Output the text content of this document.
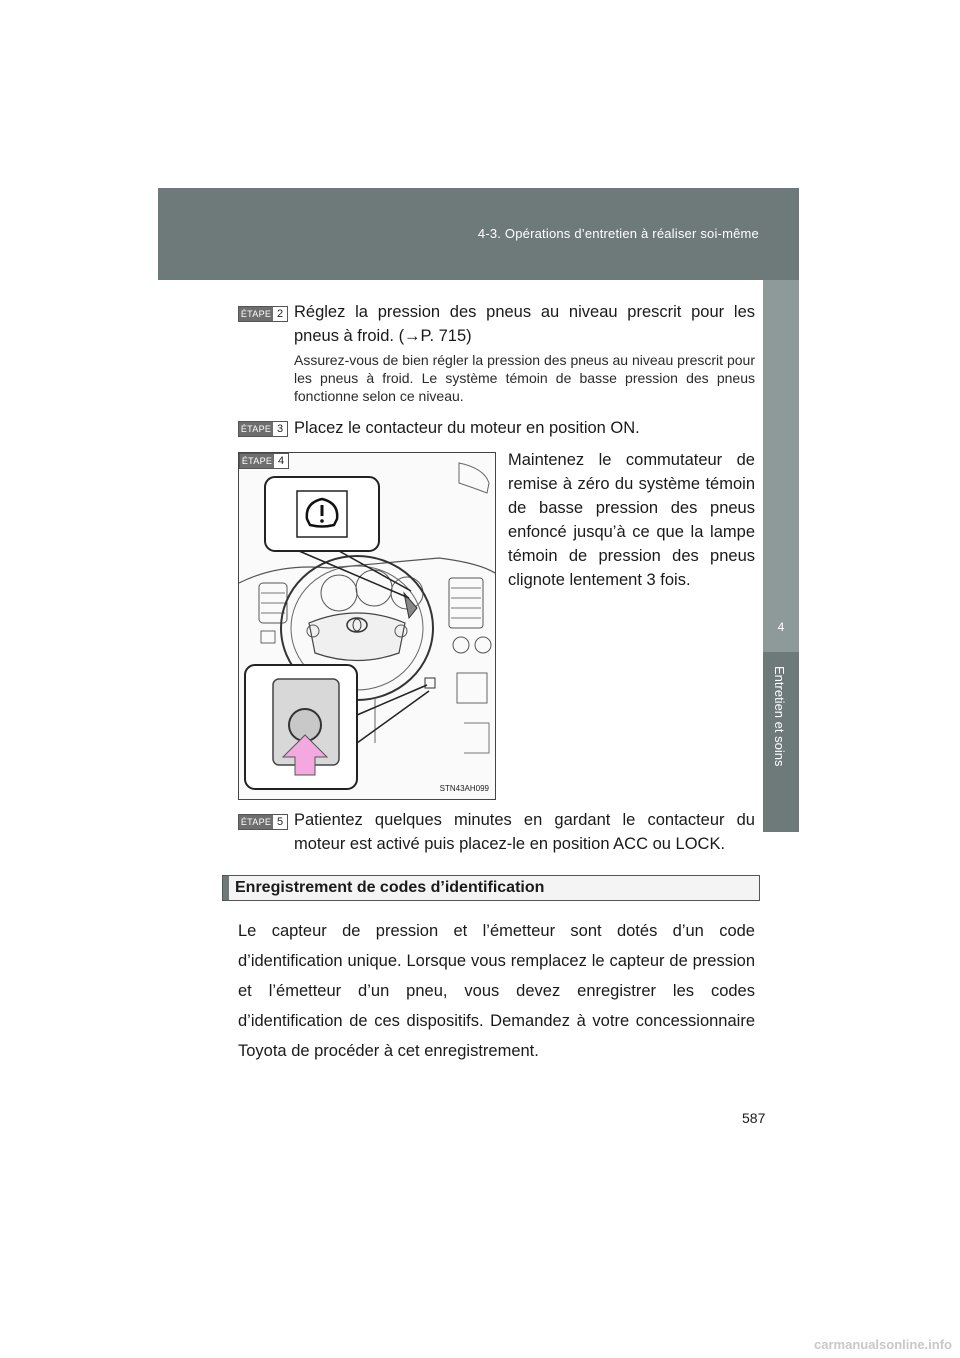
4-3. Opérations d’entretien à réaliser soi-même
4
Entretien et soins
ÉTAPE 2 Réglez la pression des pneus au niveau prescrit pour les pneus à froid. (→P. 715)
Assurez-vous de bien régler la pression des pneus au niveau prescrit pour les pneus à froid. Le système témoin de basse pression des pneus fonctionne selon ce niveau.
ÉTAPE 3 Placez le contacteur du moteur en position ON.
ÉTAPE 4
STN43AH099
Maintenez le commutateur de remise à zéro du système témoin de basse pression des pneus enfoncé jusqu’à ce que la lampe témoin de pression des pneus clignote lentement 3 fois.
ÉTAPE 5 Patientez quelques minutes en gardant le contacteur du moteur est activé puis placez-le en position ACC ou LOCK.
Enregistrement de codes d’identification
Le capteur de pression et l’émetteur sont dotés d’un code d’identification unique. Lorsque vous remplacez le capteur de pression et l’émetteur d’un pneu, vous devez enregistrer les codes d’identification de ces dispositifs. Demandez à votre concessionnaire Toyota de procéder à cet enregistrement.
587
carmanualsonline.info
